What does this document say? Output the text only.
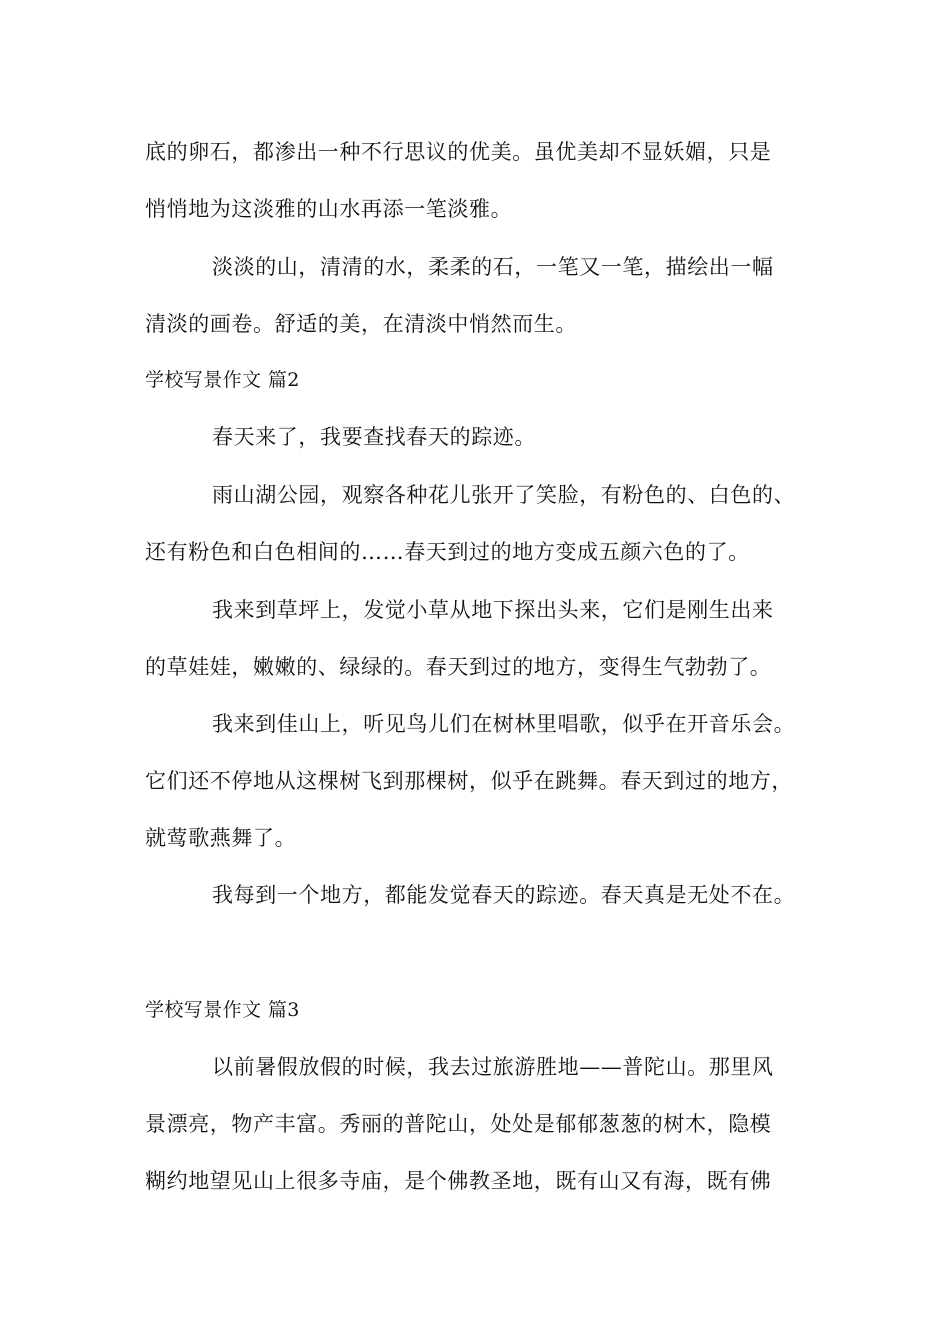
底的卵石，都渗出一种不行思议的优美。虽优美却不显妖媚，只是
悄悄地为这淡雅的山水再添一笔淡雅。
淡淡的山，清清的水，柔柔的石，一笔又一笔，描绘出一幅
清淡的画卷。舒适的美，在清淡中悄然而生。
学校写景作文 篇2
春天来了，我要查找春天的踪迹。
雨山湖公园，观察各种花儿张开了笑脸，有粉色的、白色的、
还有粉色和白色相间的……春天到过的地方变成五颜六色的了。
我来到草坪上，发觉小草从地下探出头来，它们是刚生出来
的草娃娃，嫩嫩的、绿绿的。春天到过的地方，变得生气勃勃了。
我来到佳山上，听见鸟儿们在树林里唱歌，似乎在开音乐会。
它们还不停地从这棵树飞到那棵树，似乎在跳舞。春天到过的地方，
就莺歌燕舞了。
我每到一个地方，都能发觉春天的踪迹。春天真是无处不在。
学校写景作文 篇3
以前暑假放假的时候，我去过旅游胜地——普陀山。那里风
景漂亮，物产丰富。秀丽的普陀山，处处是郁郁葱葱的树木，隐模
糊约地望见山上很多寺庙，是个佛教圣地，既有山又有海，既有佛
